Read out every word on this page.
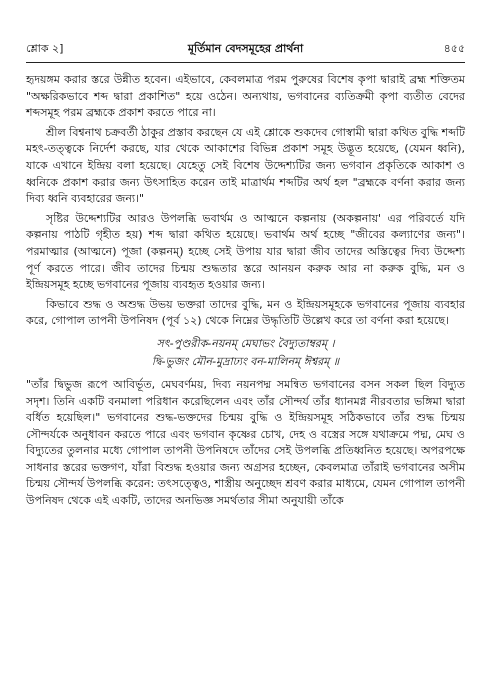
শ্লোক ২]	মূর্তিমান বেদসমূহের প্রার্থনা	৪৫৫

হৃদয়ঙ্গম করার স্তরে উন্নীত হবেন। এইভাবে, কেবলমাত্র পরম পুরুষের বিশেষ কৃপা দ্বারাই ব্রহ্ম শক্তিতম "অক্ষরিকভাবে শব্দ দ্বারা প্রকাশিত" হয়ে ওঠেন। অন্যথায়, ভগবানের ব্যতিক্রমী কৃপা ব্যতীত বেদের শব্দসমূহ পরম ব্রহ্মকে প্রকাশ করতে পারে না।

শ্রীল বিশ্বনাথ চক্রবর্তী ঠাকুর প্রস্তাব করছেন যে এই শ্লোকে শুকদেব গোস্বামী দ্বারা কথিত বুদ্ধি শব্দটি মহৎ-তত্ত্বকে নির্দেশ করছে, যার থেকে আকাশের বিভিন্ন প্রকাশ সমূহ উদ্ভূত হয়েছে, (যেমন ধ্বনি), যাকে এখানে ইন্দ্রিয় বলা হয়েছে। যেহেতু সেই বিশেষ উদ্দেশ্যটির জন্য ভগবান প্রকৃতিকে আকাশ ও ধ্বনিকে প্রকাশ করার জন্য উৎসাহিত করেন তাই মাত্রাৰ্থম শব্দটির অর্থ হল "ব্রহ্মকে বর্ণনা করার জন্য দিব্য ধ্বনি ব্যবহারের জন্য।"

সৃষ্টির উদ্দেশ্যটির আরও উপলব্ধি ভবার্থম ও আত্মনে কল্পনায় (অকল্পনায়' এর পরিবর্তে যদি কল্পনায় পাঠটি গৃহীত হয়) শব্দ দ্বারা কথিত হয়েছে। ভবার্থম অর্থ হচ্ছে "জীবের কল্যাণের জন্য"। পরমাত্মার (আত্মনে) পূজা (কল্পনম্) হচ্ছে সেই উপায় যার দ্বারা জীব তাদের অস্তিত্বের দিব্য উদ্দেশ্য পূর্ণ করতে পারে। জীব তাদের চিন্ময় শুদ্ধতার স্তরে আনয়ন করুক আর না করুক বুদ্ধি, মন ও ইন্দ্রিয়সমূহ হচ্ছে ভগবানের পূজায় ব্যবহৃত হওয়ার জন্য।

কিভাবে শুদ্ধ ও অশুদ্ধ উভয় ভক্তরা তাদের বুদ্ধি, মন ও ইন্দ্রিয়সমূহকে ভগবানের পূজায় ব্যবহার করে, গোপাল তাপনী উপনিষদ (পূর্ব ১২) থেকে নিম্নের উদ্ধৃতিটি উল্লেখ করে তা বর্ণনা করা হয়েছে।

সৎ-পুণ্ডরীক-নয়নম্‌ মেঘাভং বৈদ্যুতাম্বরম্‌ ।
দ্বি-ভুজং মৌন-মুদ্রাঢ্যং বন-মালিনম্‌ ঈশ্বরম্‌ ॥

"তাঁর দ্বিভুজ রূপে আবির্ভূত, মেঘবর্ণময়, দিব্য নয়নপদ্ম সমন্বিত ভগবানের বসন সকল ছিল বিদ্যুত সদৃশ। তিনি একটি বনমালা পরিধান করেছিলেন এবং তাঁর সৌন্দর্য তাঁর ধ্যানমগ্ন নীরবতার ভঙ্গিমা দ্বারা বর্ধিত হয়েছিল।" ভগবানের শুদ্ধ-ভক্তদের চিন্ময় বুদ্ধি ও ইন্দ্রিয়সমূহ সঠিকভাবে তাঁর শুদ্ধ চিন্ময় সৌন্দর্যকে অনুধাবন করতে পারে এবং ভগবান কৃষ্ণের চোখ, দেহ ও বস্ত্রের সঙ্গে যথাক্রমে পদ্ম, মেঘ ও বিদ্যুতের তুলনার মধ্যে গোপাল তাপনী উপনিষদে তাঁদের সেই উপলব্ধি প্রতিধ্বনিত হয়েছে। অপরপক্ষে সাধনার স্তরের ভক্তগণ, যাঁরা বিশুদ্ধ হওয়ার জন্য অগ্রসর হচ্ছেন, কেবলমাত্র তাঁরাই ভগবানের অসীম চিন্ময় সৌন্দর্য উপলব্ধি করেন: তৎসত্ত্বেও, শাস্ত্রীয় অনুচ্ছেদ শ্রবণ করার মাধ্যমে, যেমন গোপাল তাপনী উপনিষদ থেকে এই একটি, তাদের অনভিজ্ঞ সমর্থতার সীমা অনুযায়ী তাঁকে
